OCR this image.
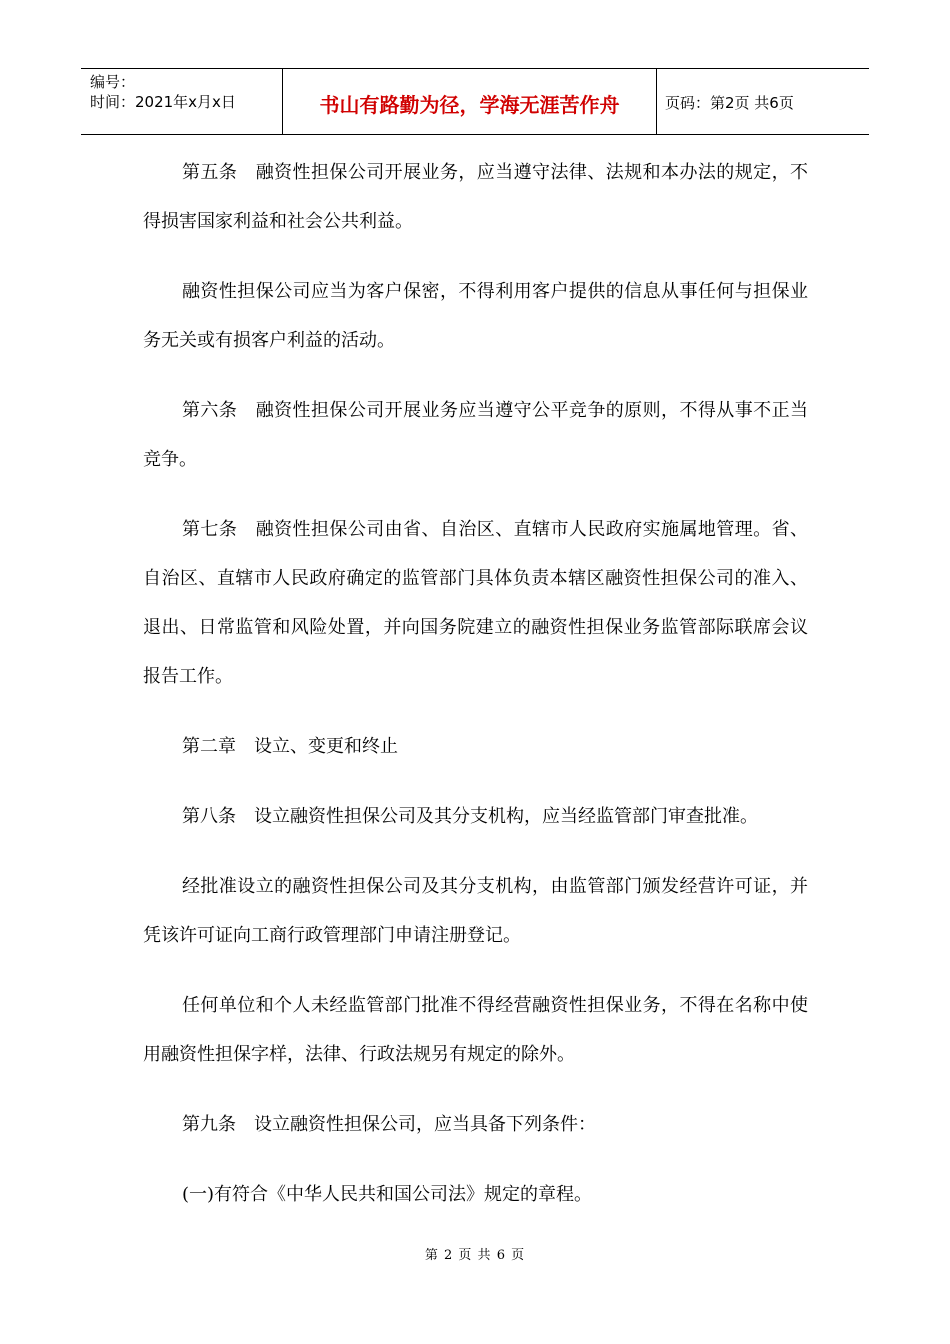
编号：
时间：2021年x月x日	书山有路勤为径，学海无涯苦作舟	页码：第2页 共6页

第五条　融资性担保公司开展业务，应当遵守法律、法规和本办法的规定，不得损害国家利益和社会公共利益。

融资性担保公司应当为客户保密，不得利用客户提供的信息从事任何与担保业务无关或有损客户利益的活动。

第六条　融资性担保公司开展业务应当遵守公平竞争的原则，不得从事不正当竞争。

第七条　融资性担保公司由省、自治区、直辖市人民政府实施属地管理。省、自治区、直辖市人民政府确定的监管部门具体负责本辖区融资性担保公司的准入、退出、日常监管和风险处置，并向国务院建立的融资性担保业务监管部际联席会议报告工作。

第二章　设立、变更和终止

第八条　设立融资性担保公司及其分支机构，应当经监管部门审查批准。

经批准设立的融资性担保公司及其分支机构，由监管部门颁发经营许可证，并凭该许可证向工商行政管理部门申请注册登记。

任何单位和个人未经监管部门批准不得经营融资性担保业务，不得在名称中使用融资性担保字样，法律、行政法规另有规定的除外。

第九条　设立融资性担保公司，应当具备下列条件：

(一)有符合《中华人民共和国公司法》规定的章程。

第 2 页 共 6 页
